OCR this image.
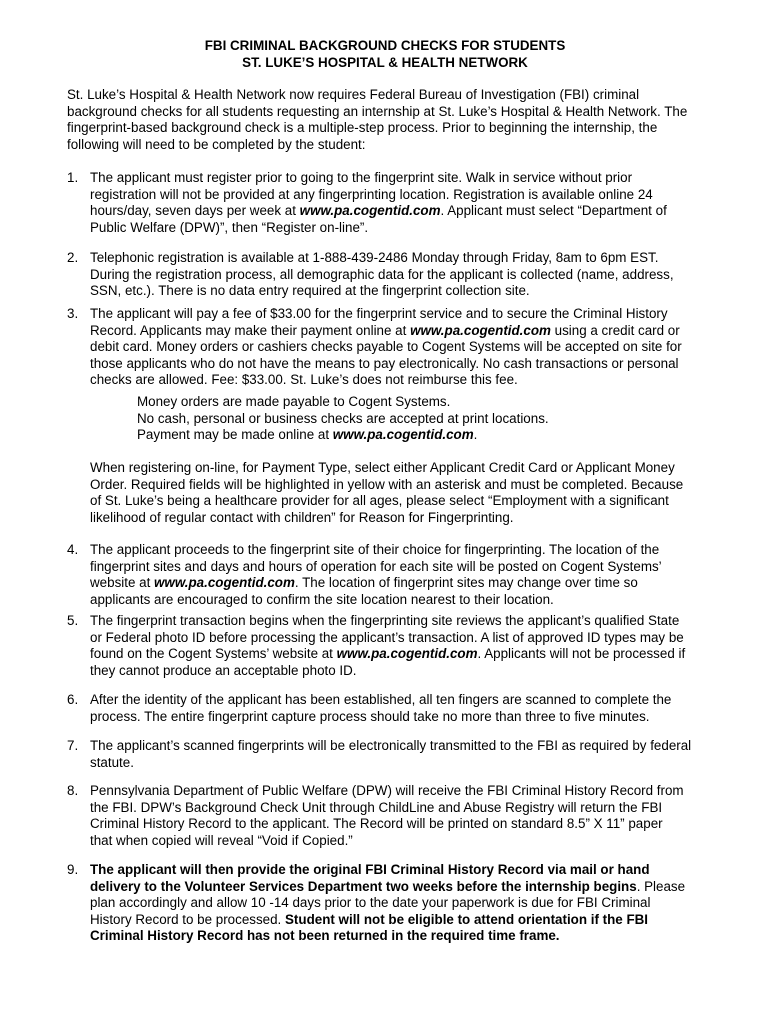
FBI CRIMINAL BACKGROUND CHECKS FOR STUDENTS
ST. LUKE’S HOSPITAL & HEALTH NETWORK
St. Luke’s Hospital & Health Network now requires Federal Bureau of Investigation (FBI) criminal
background checks for all students requesting an internship at St. Luke’s Hospital & Health Network. The
fingerprint-based background check is a multiple-step process. Prior to beginning the internship, the
following will need to be completed by the student:
1. The applicant must register prior to going to the fingerprint site. Walk in service without prior
registration will not be provided at any fingerprinting location. Registration is available online 24
hours/day, seven days per week at www.pa.cogentid.com. Applicant must select “Department of
Public Welfare (DPW)”, then “Register on-line”.
2. Telephonic registration is available at 1-888-439-2486 Monday through Friday, 8am to 6pm EST.
During the registration process, all demographic data for the applicant is collected (name, address,
SSN, etc.). There is no data entry required at the fingerprint collection site.
3. The applicant will pay a fee of $33.00 for the fingerprint service and to secure the Criminal History
Record. Applicants may make their payment online at www.pa.cogentid.com using a credit card or
debit card. Money orders or cashiers checks payable to Cogent Systems will be accepted on site for
those applicants who do not have the means to pay electronically. No cash transactions or personal
checks are allowed. Fee: $33.00. St. Luke’s does not reimburse this fee.
Money orders are made payable to Cogent Systems.
No cash, personal or business checks are accepted at print locations.
Payment may be made online at www.pa.cogentid.com.
When registering on-line, for Payment Type, select either Applicant Credit Card or Applicant Money
Order. Required fields will be highlighted in yellow with an asterisk and must be completed. Because
of St. Luke’s being a healthcare provider for all ages, please select “Employment with a significant
likelihood of regular contact with children” for Reason for Fingerprinting.
4. The applicant proceeds to the fingerprint site of their choice for fingerprinting. The location of the
fingerprint sites and days and hours of operation for each site will be posted on Cogent Systems’
website at www.pa.cogentid.com. The location of fingerprint sites may change over time so
applicants are encouraged to confirm the site location nearest to their location.
5. The fingerprint transaction begins when the fingerprinting site reviews the applicant’s qualified State
or Federal photo ID before processing the applicant’s transaction. A list of approved ID types may be
found on the Cogent Systems’ website at www.pa.cogentid.com. Applicants will not be processed if
they cannot produce an acceptable photo ID.
6. After the identity of the applicant has been established, all ten fingers are scanned to complete the
process. The entire fingerprint capture process should take no more than three to five minutes.
7. The applicant’s scanned fingerprints will be electronically transmitted to the FBI as required by federal
statute.
8. Pennsylvania Department of Public Welfare (DPW) will receive the FBI Criminal History Record from
the FBI. DPW’s Background Check Unit through ChildLine and Abuse Registry will return the FBI
Criminal History Record to the applicant. The Record will be printed on standard 8.5” X 11” paper
that when copied will reveal “Void if Copied.”
9. The applicant will then provide the original FBI Criminal History Record via mail or hand
delivery to the Volunteer Services Department two weeks before the internship begins. Please
plan accordingly and allow 10 -14 days prior to the date your paperwork is due for FBI Criminal
History Record to be processed. Student will not be eligible to attend orientation if the FBI
Criminal History Record has not been returned in the required time frame.
